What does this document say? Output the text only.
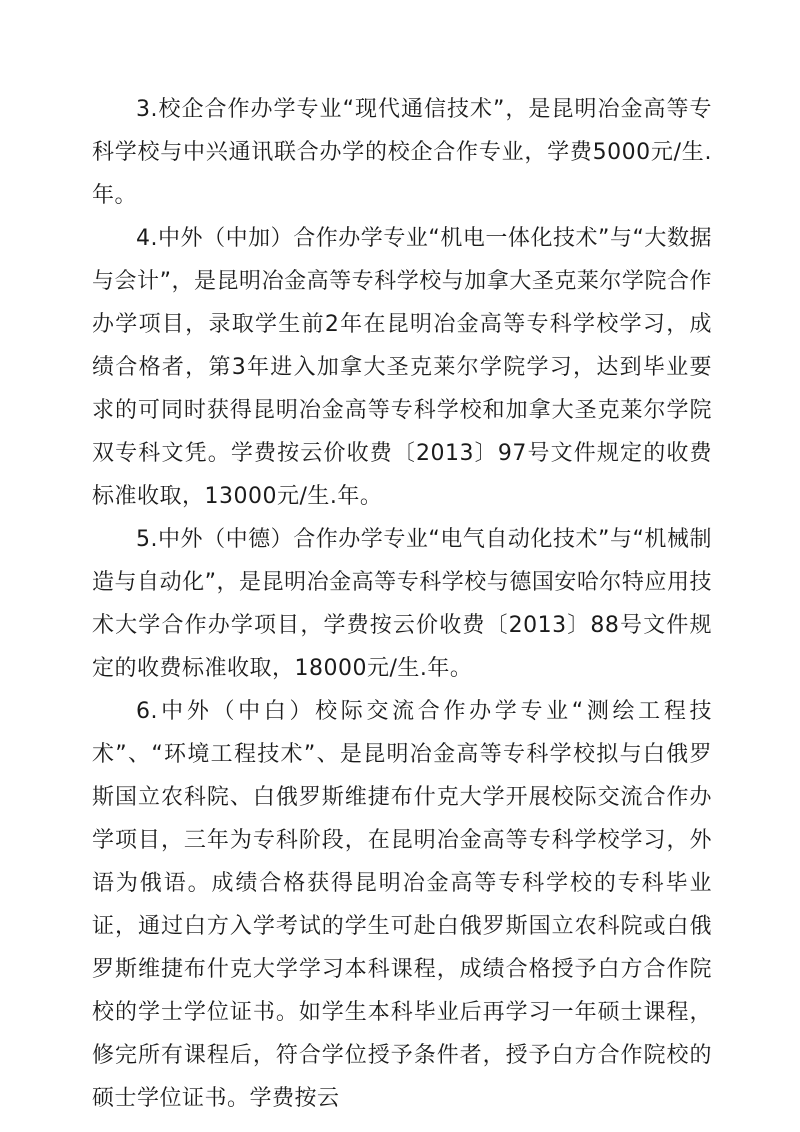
3.校企合作办学专业“现代通信技术”，是昆明冶金高等专科学校与中兴通讯联合办学的校企合作专业，学费5000元/生.年。

4.中外（中加）合作办学专业“机电一体化技术”与“大数据与会计”，是昆明冶金高等专科学校与加拿大圣克莱尔学院合作办学项目，录取学生前2年在昆明冶金高等专科学校学习，成绩合格者，第3年进入加拿大圣克莱尔学院学习，达到毕业要求的可同时获得昆明冶金高等专科学校和加拿大圣克莱尔学院双专科文凭。学费按云价收费〔2013〕97号文件规定的收费标准收取，13000元/生.年。

5.中外（中德）合作办学专业“电气自动化技术”与“机械制造与自动化”，是昆明冶金高等专科学校与德国安哈尔特应用技术大学合作办学项目，学费按云价收费〔2013〕88号文件规定的收费标准收取，18000元/生.年。

6.中外（中白）校际交流合作办学专业“测绘工程技术”、“环境工程技术”、是昆明冶金高等专科学校拟与白俄罗斯国立农科院、白俄罗斯维捷布什克大学开展校际交流合作办学项目，三年为专科阶段，在昆明冶金高等专科学校学习，外语为俄语。成绩合格获得昆明冶金高等专科学校的专科毕业证，通过白方入学考试的学生可赴白俄罗斯国立农科院或白俄罗斯维捷布什克大学学习本科课程，成绩合格授予白方合作院校的学士学位证书。如学生本科毕业后再学习一年硕士课程，修完所有课程后，符合学位授予条件者，授予白方合作院校的硕士学位证书。学费按云
